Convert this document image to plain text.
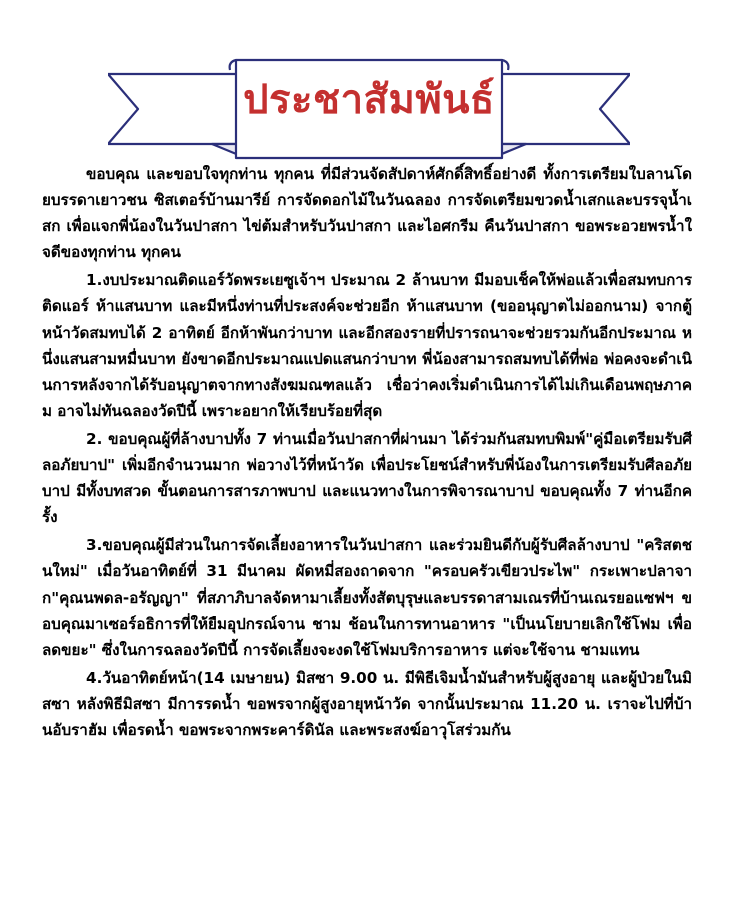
ประชาสัมพันธ์

ขอบคุณ และขอบใจทุกท่าน ทุกคน ที่มีส่วนจัดสัปดาห์ศักดิ์สิทธิ์อย่างดี ทั้งการเตรียมใบลานโดยบรรดาเยาวชน ซิสเตอร์บ้านมารีย์ การจัดดอกไม้ในวันฉลอง การจัดเตรียมขวดน้ำเสกและบรรจุน้ำเสก เพื่อแจกพี่น้องในวันปาสกา ไข่ต้มสำหรับวันปาสกา และไอศกรีม คืนวันปาสกา ขอพระอวยพรน้ำใจดีของทุกท่าน ทุกคน

1.งบประมาณติดแอร์วัดพระเยซูเจ้าฯ ประมาณ 2 ล้านบาท มีมอบเช็คให้พ่อแล้วเพื่อสมทบการติดแอร์ ห้าแสนบาท และมีหนึ่งท่านที่ประสงค์จะช่วยอีก ห้าแสนบาท (ขออนุญาตไม่ออกนาม) จากตู้หน้าวัดสมทบได้ 2 อาทิตย์ อีกห้าพันกว่าบาท และอีกสองรายที่ปรารถนาจะช่วยรวมกันอีกประมาณ หนึ่งแสนสามหมื่นบาท ยังขาดอีกประมาณแปดแสนกว่าบาท พี่น้องสามารถสมทบได้ที่พ่อ พ่อคงจะดำเนินการหลังจากได้รับอนุญาตจากทางสังฆมณฑลแล้ว เชื่อว่าคงเริ่มดำเนินการได้ไม่เกินเดือนพฤษภาคม อาจไม่ทันฉลองวัดปีนี้ เพราะอยากให้เรียบร้อยที่สุด

2. ขอบคุณผู้ที่ล้างบาปทั้ง 7 ท่านเมื่อวันปาสกาที่ผ่านมา ได้ร่วมกันสมทบพิมพ์"คู่มือเตรียมรับศีลอภัยบาป" เพิ่มอีกจำนวนมาก พ่อวางไว้ที่หน้าวัด เพื่อประโยชน์สำหรับพี่น้องในการเตรียมรับศีลอภัยบาป มีทั้งบทสวด ขั้นตอนการสารภาพบาป และแนวทางในการพิจารณาบาป ขอบคุณทั้ง 7 ท่านอีกครั้ง

3.ขอบคุณผู้มีส่วนในการจัดเลี้ยงอาหารในวันปาสกา และร่วมยินดีกับผู้รับศีลล้างบาป "คริสตชนใหม่" เมื่อวันอาทิตย์ที่ 31 มีนาคม ผัดหมี่สองถาดจาก "ครอบครัวเขียวประไพ" กระเพาะปลาจาก"คุณนพดล-อรัญญา" ที่สภาภิบาลจัดหามาเลี้ยงทั้งสัตบุรุษและบรรดาสามเณรที่บ้านเณรยอแซฟฯ ขอบคุณมาเซอร์อธิการที่ให้ยืมอุปกรณ์จาน ชาม ช้อนในการทานอาหาร "เป็นนโยบายเลิกใช้โฟม เพื่อลดขยะ" ซึ่งในการฉลองวัดปีนี้ การจัดเลี้ยงจะงดใช้โฟมบริการอาหาร แต่จะใช้จาน ชามแทน

4.วันอาทิตย์หน้า(14 เมษายน) มิสซา 9.00 น. มีพิธีเจิมน้ำมันสำหรับผู้สูงอายุ และผู้ป่วยในมิสซา หลังพิธีมิสซา มีการรดน้ำ ขอพรจากผู้สูงอายุหน้าวัด จากนั้นประมาณ 11.20 น. เราจะไปที่บ้านอับราฮัม เพื่อรดน้ำ ขอพระจากพระคาร์ดินัล และพระสงฆ์อาวุโสร่วมกัน
